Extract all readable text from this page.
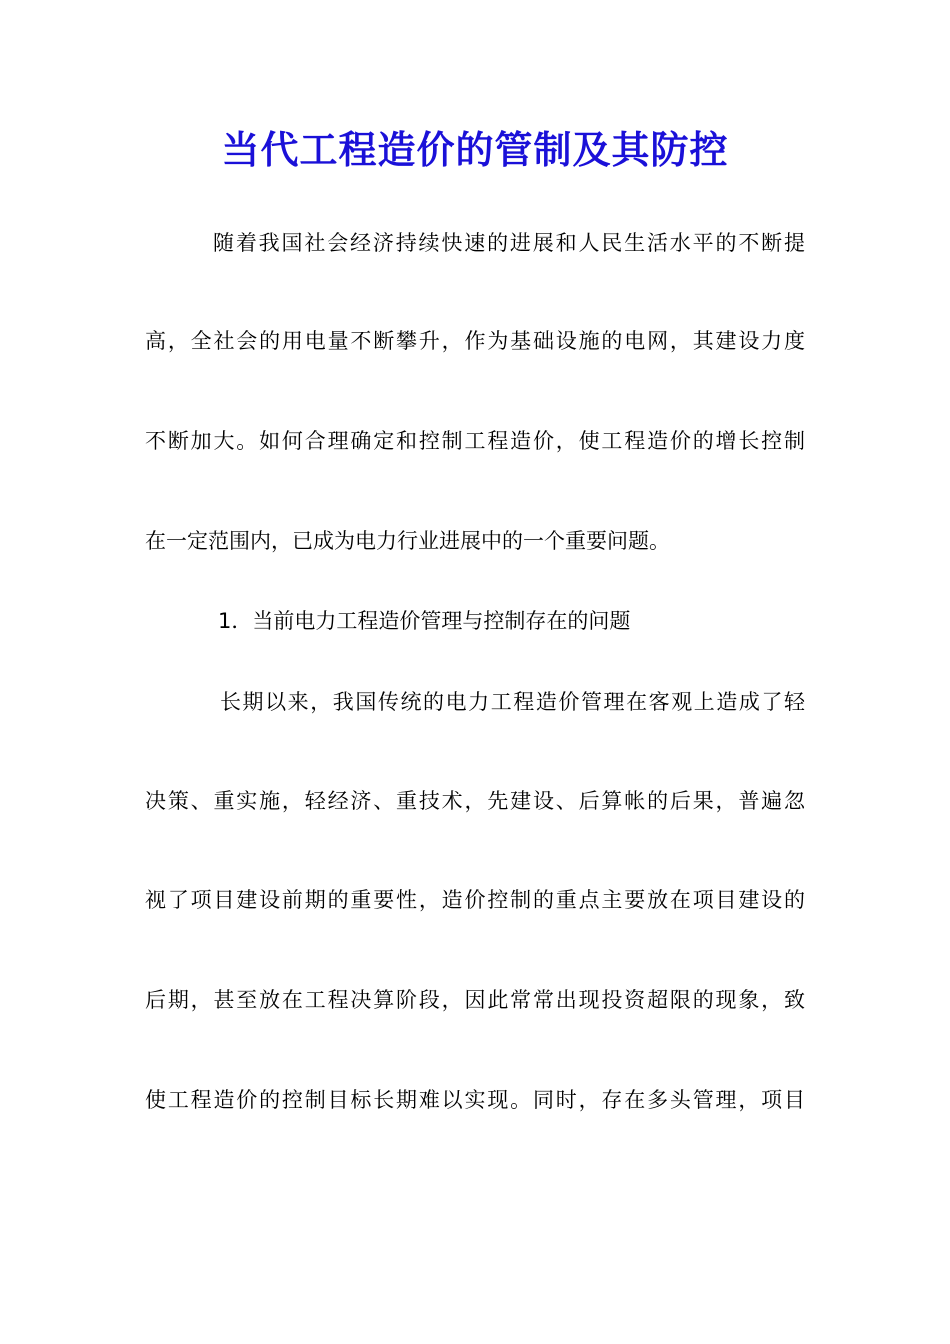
当代工程造价的管制及其防控

随着我国社会经济持续快速的进展和人民生活水平的不断提

高，全社会的用电量不断攀升，作为基础设施的电网，其建设力度

不断加大。如何合理确定和控制工程造价，使工程造价的增长控制

在一定范围内，已成为电力行业进展中的一个重要问题。

1．当前电力工程造价管理与控制存在的问题

长期以来，我国传统的电力工程造价管理在客观上造成了轻

决策、重实施，轻经济、重技术，先建设、后算帐的后果，普遍忽

视了项目建设前期的重要性，造价控制的重点主要放在项目建设的

后期，甚至放在工程决算阶段，因此常常出现投资超限的现象，致

使工程造价的控制目标长期难以实现。同时，存在多头管理，项目
